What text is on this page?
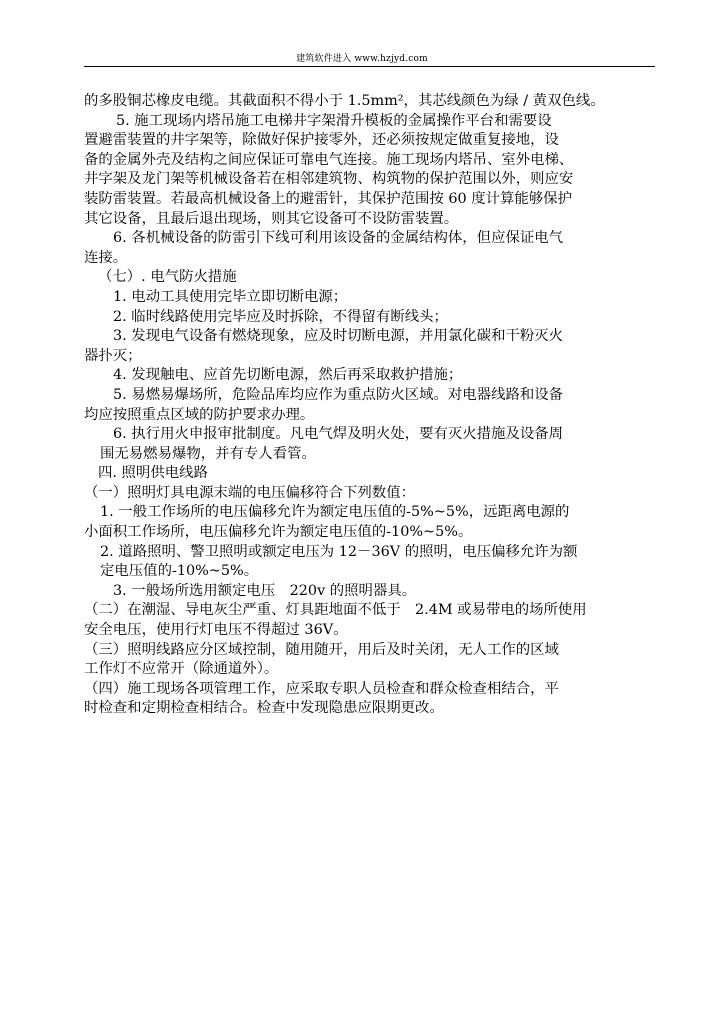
建筑软件进入 www.hzjyd.com
的多股铜芯橡皮电缆。其截面积不得小于 1.5mm²，其芯线颜色为绿 / 黄双色线。
5. 施工现场内塔吊施工电梯井字架滑升模板的金属操作平台和需要设
置避雷装置的井字架等，除做好保护接零外，还必须按规定做重复接地，设
备的金属外壳及结构之间应保证可靠电气连接。施工现场内塔吊、室外电梯、
井字架及龙门架等机械设备若在相邻建筑物、构筑物的保护范围以外，则应安
装防雷装置。若最高机械设备上的避雷针，其保护范围按 60 度计算能够保护
其它设备，且最后退出现场，则其它设备可不设防雷装置。
6. 各机械设备的防雷引下线可利用该设备的金属结构体，但应保证电气
连接。
（七）. 电气防火措施
1. 电动工具使用完毕立即切断电源；
2. 临时线路使用完毕应及时拆除，不得留有断线头；
3. 发现电气设备有燃烧现象，应及时切断电源，并用氯化碳和干粉灭火
器扑灭；
4. 发现触电、应首先切断电源，然后再采取救护措施；
5. 易燃易爆场所，危险品库均应作为重点防火区域。对电器线路和设备
均应按照重点区域的防护要求办理。
6. 执行用火申报审批制度。凡电气焊及明火处，要有灭火措施及设备周
围无易燃易爆物，并有专人看管。
四. 照明供电线路
（一）照明灯具电源末端的电压偏移符合下列数值：
1. 一般工作场所的电压偏移允许为额定电压值的-5%~5%，远距离电源的
小面积工作场所，电压偏移允许为额定电压值的-10%~5%。
2. 道路照明、警卫照明或额定电压为 12－36V 的照明，电压偏移允许为额
定电压值的-10%~5%。
3. 一般场所选用额定电压　220v 的照明器具。
（二）在潮湿、导电灰尘严重、灯具距地面不低于　2.4M 或易带电的场所使用
安全电压，使用行灯电压不得超过 36V。
（三）照明线路应分区域控制，随用随开，用后及时关闭，无人工作的区域
工作灯不应常开（除通道外）。
（四）施工现场各项管理工作，应采取专职人员检查和群众检查相结合，平
时检查和定期检查相结合。检查中发现隐患应限期更改。
